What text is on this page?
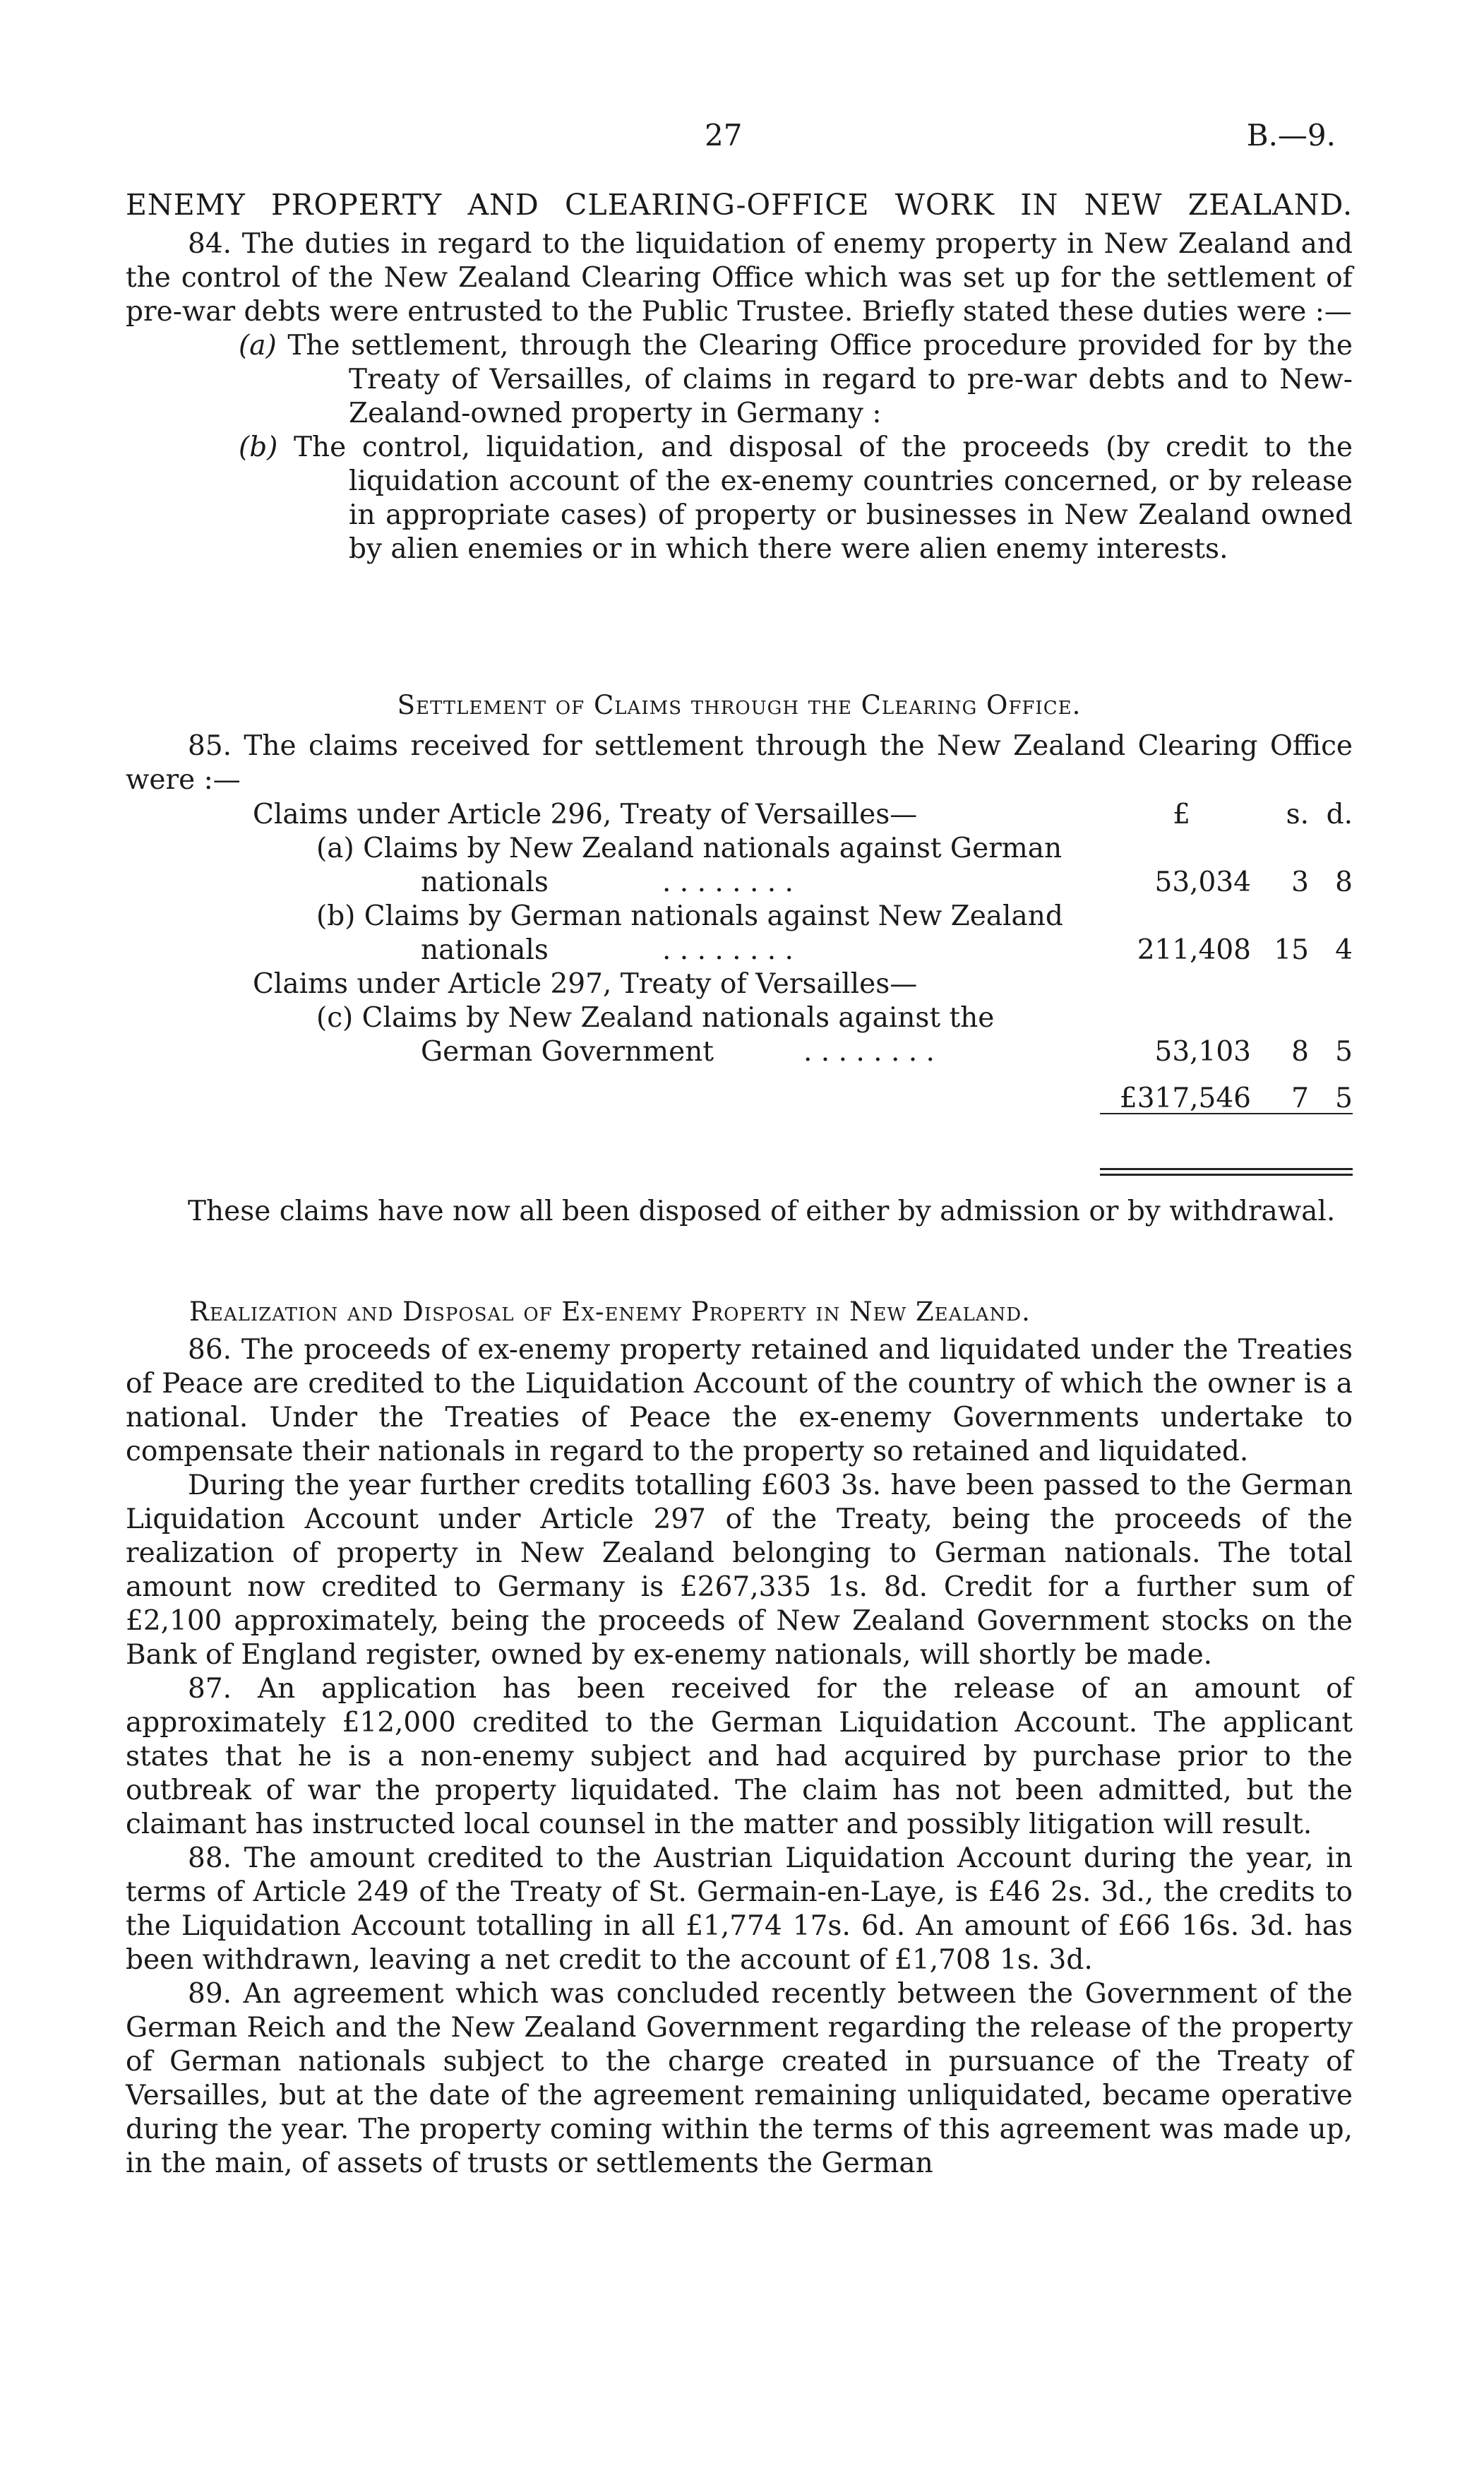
27	B.—9.
ENEMY PROPERTY AND CLEARING-OFFICE WORK IN NEW ZEALAND.

84. The duties in regard to the liquidation of enemy property in New Zealand and the control of the New Zealand Clearing Office which was set up for the settlement of pre-war debts were entrusted to the Public Trustee. Briefly stated these duties were :—

(a) The settlement, through the Clearing Office procedure provided for by the Treaty of Versailles, of claims in regard to pre-war debts and to New-Zealand-owned property in Germany :
(b) The control, liquidation, and disposal of the proceeds (by credit to the liquidation account of the ex-enemy countries concerned, or by release in appropriate cases) of property or businesses in New Zealand owned by alien enemies or in which there were alien enemy interests.
Settlement of Claims through the Clearing Office.

85. The claims received for settlement through the New Zealand Clearing Office were :—

Claims under Article 296, Treaty of Versailles—	£	s. d.
(a) Claims by New Zealand nationals against German
nationals	. . . . . . . .	53,034 3 8
(b) Claims by German nationals against New Zealand
nationals	. . . . . . . .	211,408 15 4
Claims under Article 297, Treaty of Versailles—
(c) Claims by New Zealand nationals against the
German Government	. . . . . . . .	53,103 8 5
£317,546 7 5

These claims have now all been disposed of either by admission or by withdrawal.

Realization and Disposal of Ex-enemy Property in New Zealand.

86. The proceeds of ex-enemy property retained and liquidated under the Treaties of Peace are credited to the Liquidation Account of the country of which the owner is a national. Under the Treaties of Peace the ex-enemy Governments undertake to compensate their nationals in regard to the property so retained and liquidated.

During the year further credits totalling £603 3s. have been passed to the German Liquidation Account under Article 297 of the Treaty, being the proceeds of the realization of property in New Zealand belonging to German nationals. The total amount now credited to Germany is £267,335 1s. 8d. Credit for a further sum of £2,100 approximately, being the proceeds of New Zealand Government stocks on the Bank of England register, owned by ex-enemy nationals, will shortly be made.

87. An application has been received for the release of an amount of approximately £12,000 credited to the German Liquidation Account. The applicant states that he is a non-enemy subject and had acquired by purchase prior to the outbreak of war the property liquidated. The claim has not been admitted, but the claimant has instructed local counsel in the matter and possibly litigation will result.

88. The amount credited to the Austrian Liquidation Account during the year, in terms of Article 249 of the Treaty of St. Germain-en-Laye, is £46 2s. 3d., the credits to the Liquidation Account totalling in all £1,774 17s. 6d. An amount of £66 16s. 3d. has been withdrawn, leaving a net credit to the account of £1,708 1s. 3d.

89. An agreement which was concluded recently between the Government of the German Reich and the New Zealand Government regarding the release of the property of German nationals subject to the charge created in pursuance of the Treaty of Versailles, but at the date of the agreement remaining unliquidated, became operative during the year. The property coming within the terms of this agreement was made up, in the main, of assets of trusts or settlements the German
